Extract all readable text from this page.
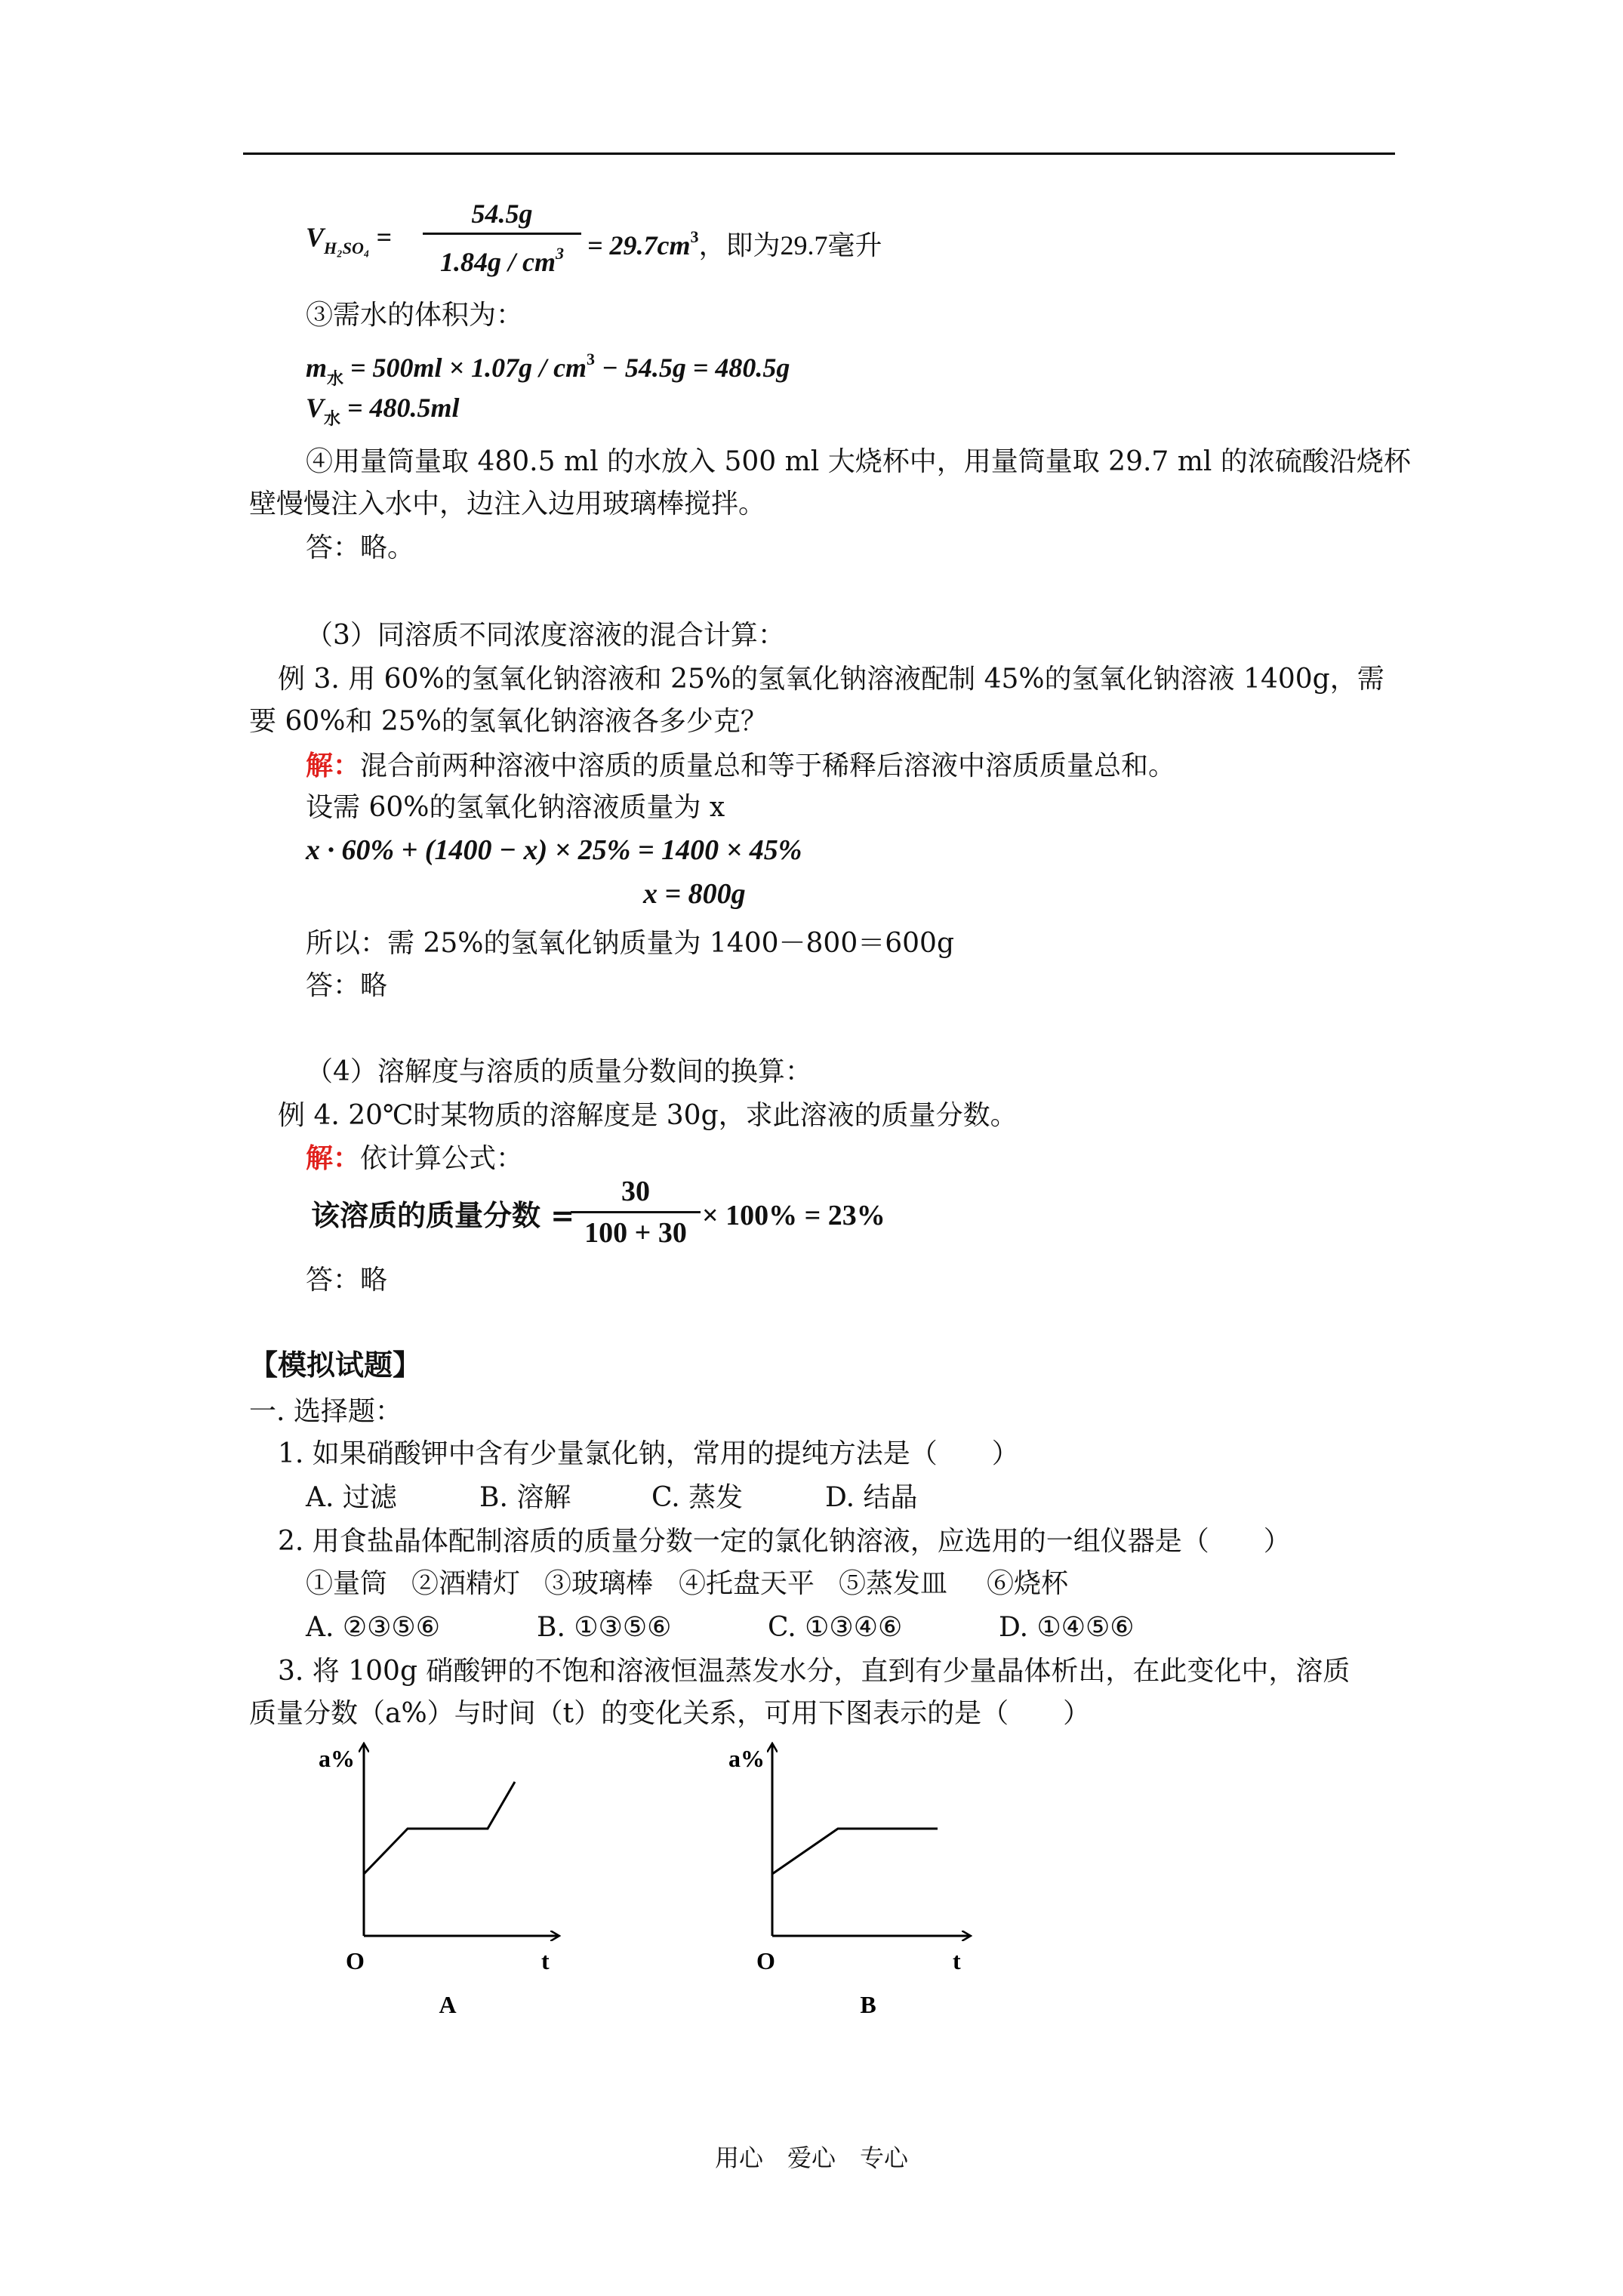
$V_{H_2SO_4}$ =
54.5g
$1.84g / cm^3 = 29.7cm^3$，即为29.7毫升
③需水的体积为：
$m_水 = 500ml \times 1.07g / cm^3 - 54.5g = 480.5g$
$V_水 = 480.5ml$
④用量筒量取 480.5 ml 的水放入 500 ml 大烧杯中，用量筒量取 29.7 ml 的浓硫酸沿烧杯
壁慢慢注入水中，边注入边用玻璃棒搅拌。
答：略。
（3）同溶质不同浓度溶液的混合计算：
例 3. 用 60%的氢氧化钠溶液和 25%的氢氧化钠溶液配制 45%的氢氧化钠溶液 1400g，需
要 60%和 25%的氢氧化钠溶液各多少克？
解：混合前两种溶液中溶质的质量总和等于稀释后溶液中溶质质量总和。
设需 60%的氢氧化钠溶液质量为 x
x · 60% + (1400 − x) × 25% = 1400 × 45%
x = 800g
所以：需 25%的氢氧化钠质量为 1400－800＝600g
答：略
（4）溶解度与溶质的质量分数间的换算：
例 4. 20℃时某物质的溶解度是 30g，求此溶液的质量分数。
解：依计算公式：
该溶质的质量分数 =
30
100 + 30
× 100% = 23%
答：略
【模拟试题】
一. 选择题：
1. 如果硝酸钾中含有少量氯化钠，常用的提纯方法是（　　）
A. 过滤	B. 溶解	C. 蒸发	D. 结晶
2. 用食盐晶体配制溶质的质量分数一定的氯化钠溶液，应选用的一组仪器是（　　）
①量筒 ②酒精灯 ③玻璃棒 ④托盘天平 ⑤蒸发皿 ⑥烧杯
A. ②③⑤⑥	B. ①③⑤⑥	C. ①③④⑥	D. ①④⑤⑥
3. 将 100g 硝酸钾的不饱和溶液恒温蒸发水分，直到有少量晶体析出，在此变化中，溶质
质量分数（a%）与时间（t）的变化关系，可用下图表示的是（　　）
a%
O	t
A
a%
O	t
B
用心　爱心　专心
